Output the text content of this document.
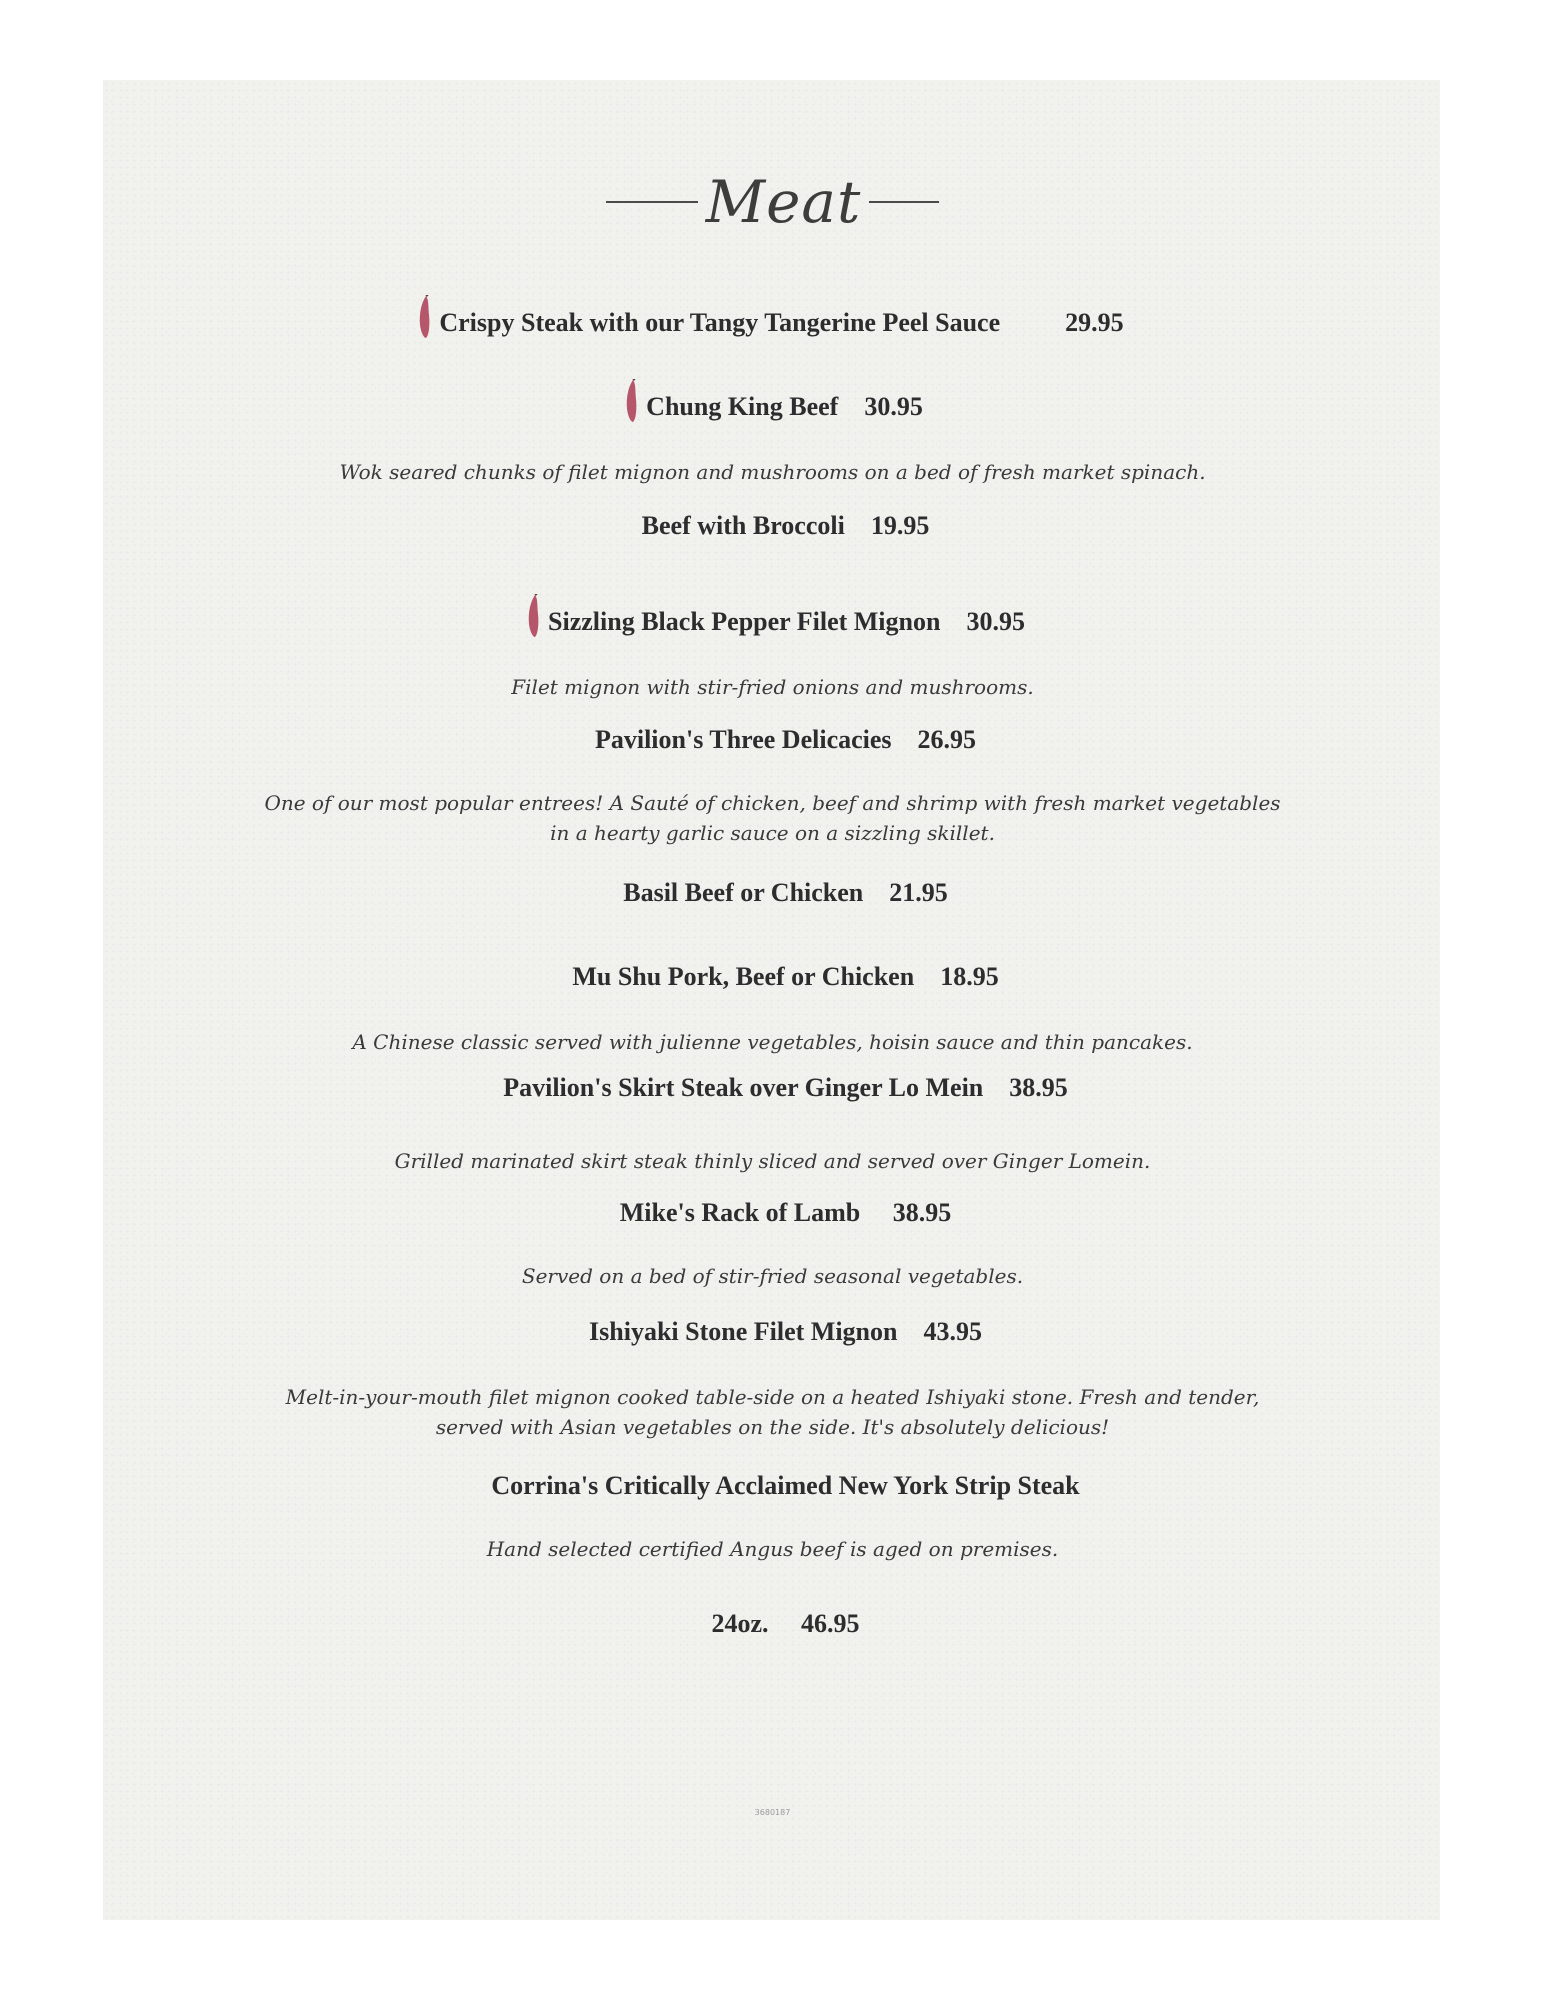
Meat

Crispy Steak with our Tangy Tangerine Peel Sauce	29.95

Chung King Beef 30.95

Wok seared chunks of filet mignon and mushrooms on a bed of fresh market spinach.

Beef with Broccoli 19.95

Sizzling Black Pepper Filet Mignon 30.95

Filet mignon with stir-fried onions and mushrooms.

Pavilion's Three Delicacies 26.95

One of our most popular entrees! A Sauté of chicken, beef and shrimp with fresh market vegetables
in a hearty garlic sauce on a sizzling skillet.

Basil Beef or Chicken 21.95

Mu Shu Pork, Beef or Chicken 18.95

A Chinese classic served with julienne vegetables, hoisin sauce and thin pancakes.

Pavilion's Skirt Steak over Ginger Lo Mein 38.95

Grilled marinated skirt steak thinly sliced and served over Ginger Lomein.

Mike's Rack of Lamb 38.95

Served on a bed of stir-fried seasonal vegetables.

Ishiyaki Stone Filet Mignon 43.95

Melt-in-your-mouth filet mignon cooked table-side on a heated Ishiyaki stone. Fresh and tender,
served with Asian vegetables on the side. It's absolutely delicious!

Corrina's Critically Acclaimed New York Strip Steak

Hand selected certified Angus beef is aged on premises.

24oz. 46.95

3680187
